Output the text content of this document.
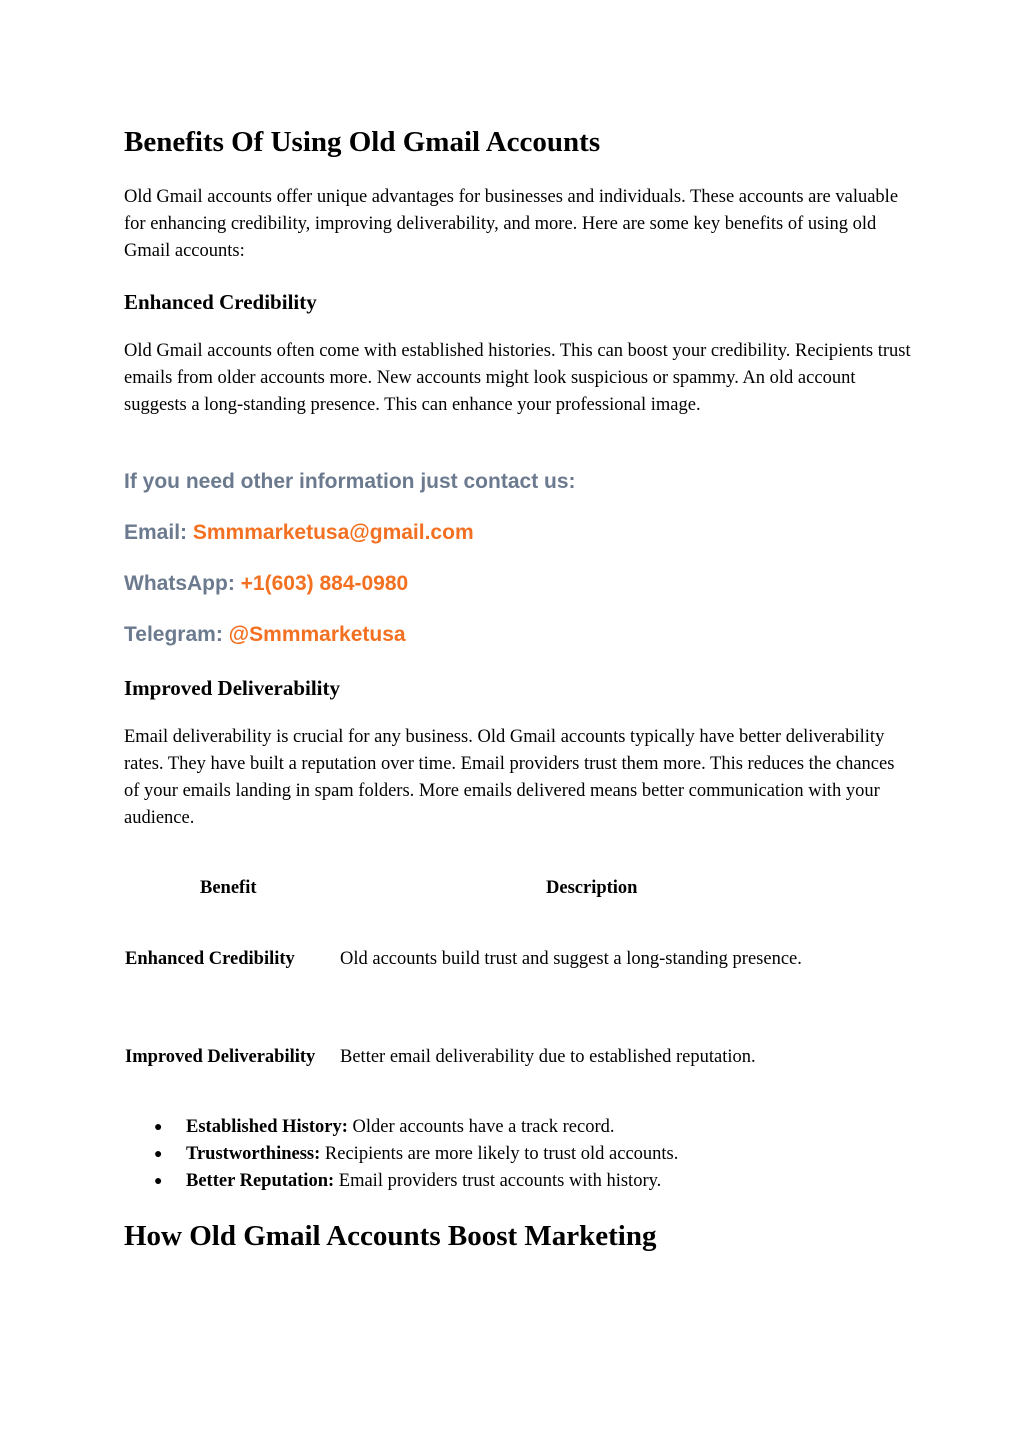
Benefits Of Using Old Gmail Accounts

Old Gmail accounts offer unique advantages for businesses and individuals. These accounts are valuable for enhancing credibility, improving deliverability, and more. Here are some key benefits of using old Gmail accounts:

Enhanced Credibility

Old Gmail accounts often come with established histories. This can boost your credibility. Recipients trust emails from older accounts more. New accounts might look suspicious or spammy. An old account suggests a long-standing presence. This can enhance your professional image.

If you need other information just contact us:
Email: Smmmarketusa@gmail.com
WhatsApp: +1(603) 884-0980
Telegram: @Smmmarketusa
Improved Deliverability

Email deliverability is crucial for any business. Old Gmail accounts typically have better deliverability rates. They have built a reputation over time. Email providers trust them more. This reduces the chances of your emails landing in spam folders. More emails delivered means better communication with your audience.

Benefit	Description
Enhanced Credibility Old accounts build trust and suggest a long-standing presence.
Improved Deliverability Better email deliverability due to established reputation.
● Established History: Older accounts have a track record.
● Trustworthiness: Recipients are more likely to trust old accounts.
● Better Reputation: Email providers trust accounts with history.
How Old Gmail Accounts Boost Marketing
